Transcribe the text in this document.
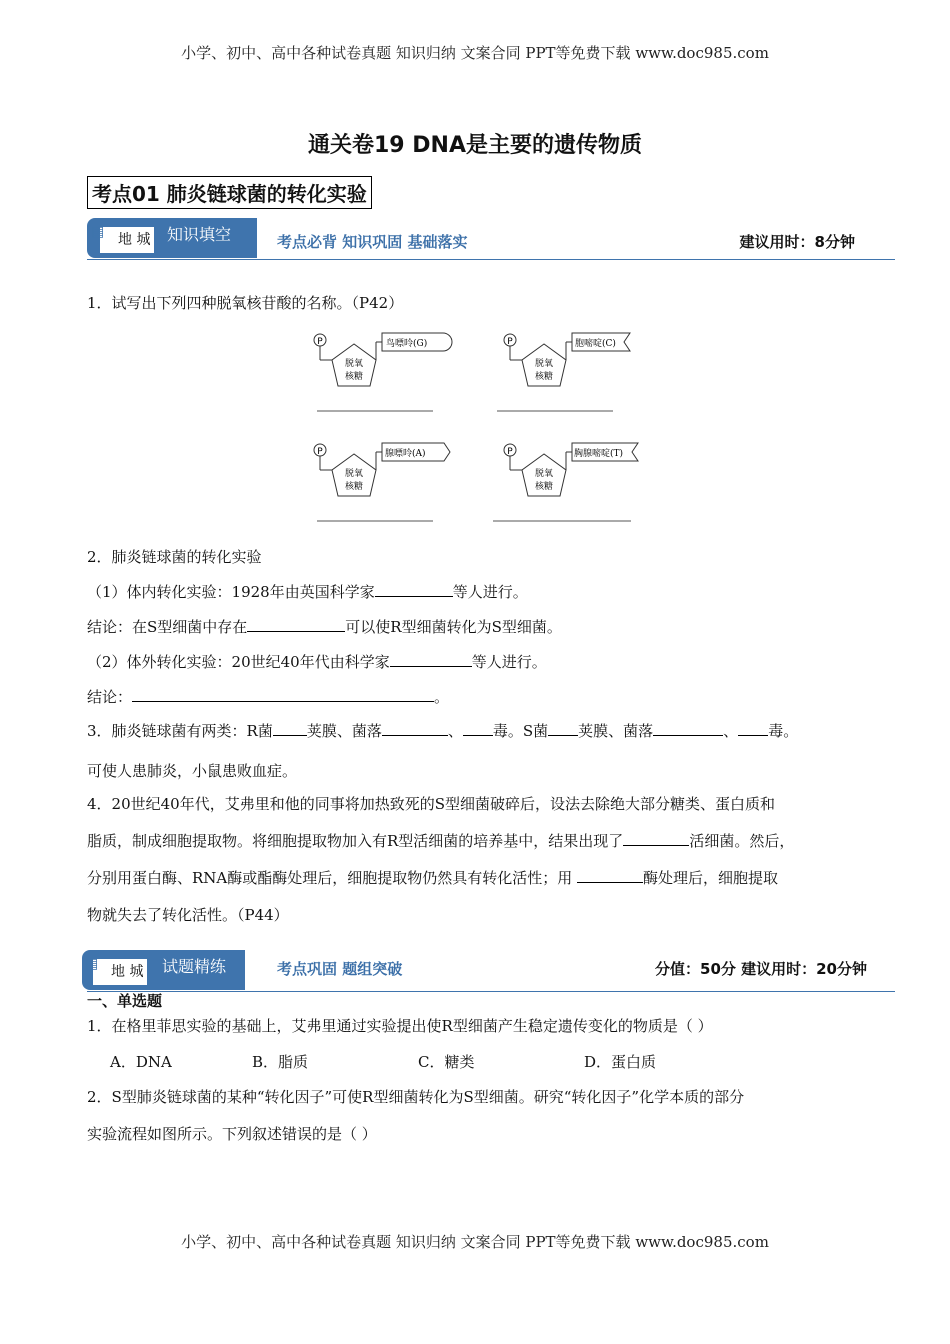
小学、初中、高中各种试卷真题 知识归纳 文案合同 PPT等免费下载 www.doc985.com
通关卷19 DNA是主要的遗传物质
考点01 肺炎链球菌的转化实验
地 城
▤	知识填空	考点必背 知识巩固 基础落实	建议用时：8分钟
1．试写出下列四种脱氧核苷酸的名称。（P42）
P
脱氧
核糖
鸟嘌呤(G)	P
脱氧
核糖
胞嘧啶(C)
P
脱氧
核糖
腺嘌呤(A)	P
脱氧
核糖
胸腺嘧啶(T)
2．肺炎链球菌的转化实验
（1）体内转化实验：1928年由英国科学家	等人进行。
结论：在S型细菌中存在	可以使R型细菌转化为S型细菌。
（2）体外转化实验：20世纪40年代由科学家	等人进行。
结论：	。
3．肺炎链球菌有两类：R菌 荚膜、菌落	、 毒。S菌 荚膜、菌落	、 毒。
可使人患肺炎，小鼠患败血症。
4．20世纪40年代，艾弗里和他的同事将加热致死的S型细菌破碎后，设法去除绝大部分糖类、蛋白质和
脂质，制成细胞提取物。将细胞提取物加入有R型活细菌的培养基中，结果出现了	活细菌。然后，
分别用蛋白酶、RNA酶或酯酶处理后，细胞提取物仍然具有转化活性；用	酶处理后，细胞提取
物就失去了转化活性。（P44）
地 城
▤	试题精练	考点巩固 题组突破	分值：50分 建议用时：20分钟
一、单选题
1．在格里菲思实验的基础上，艾弗里通过实验提出使R型细菌产生稳定遗传变化的物质是（ ）
A．DNA	B．脂质	C．糖类	D．蛋白质
2．S型肺炎链球菌的某种“转化因子”可使R型细菌转化为S型细菌。研究“转化因子”化学本质的部分
实验流程如图所示。下列叙述错误的是（ ）
小学、初中、高中各种试卷真题 知识归纳 文案合同 PPT等免费下载 www.doc985.com
